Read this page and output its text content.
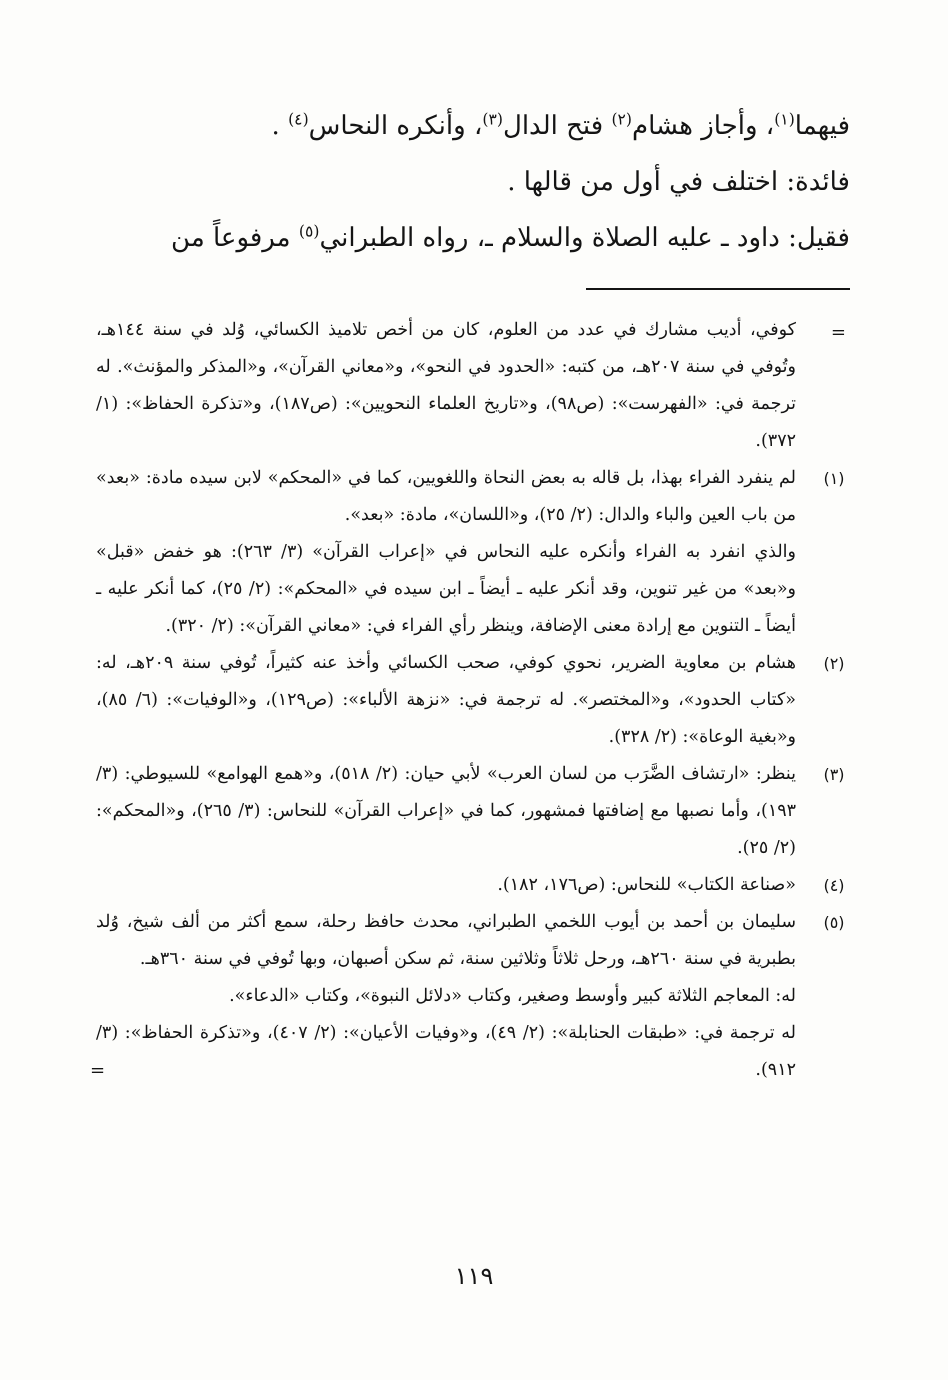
فيهما$^{(١)}$، وأجاز هشام$^{(٢)}$ فتح الدال$^{(٣)}$، وأنكره النحاس$^{(٤)}$ .
فائدة: اختلف في أول من قالها .
فقيل: داود ـ عليه الصلاة والسلام ـ، رواه الطبراني$^{(٥)}$ مرفوعاً من
=

كوفي، أديب مشارك في عدد من العلوم، كان من أخص تلاميذ الكسائي، وُلد في سنة ١٤٤هـ، وتُوفي في سنة ٢٠٧هـ، من كتبه: «الحدود في النحو»، و«معاني القرآن»، و«المذكر والمؤنث». له ترجمة في: «الفهرست»: (ص٩٨)، و«تاريخ العلماء النحويين»: (ص١٨٧)، و«تذكرة الحفاظ»: (١/ ٣٧٢).

(١)

لم ينفرد الفراء بهذا، بل قاله به بعض النحاة واللغويين، كما في «المحكم» لابن سيده مادة: «بعد» من باب العين والباء والدال: (٢/ ٢٥)، و«اللسان»، مادة: «بعد».

والذي انفرد به الفراء وأنكره عليه النحاس في «إعراب القرآن» (٣/ ٢٦٣): هو خفض «قبل» و«بعد» من غير تنوين، وقد أنكر عليه ـ أيضاً ـ ابن سيده في «المحكم»: (٢/ ٢٥)، كما أنكر عليه ـ أيضاً ـ التنوين مع إرادة معنى الإضافة، وينظر رأي الفراء في: «معاني القرآن»: (٢/ ٣٢٠).

(٢)

هشام بن معاوية الضرير، نحوي كوفي، صحب الكسائي وأخذ عنه كثيراً، تُوفي سنة ٢٠٩هـ، له: «كتاب الحدود»، و«المختصر». له ترجمة في: «نزهة الألباء»: (ص١٢٩)، و«الوفيات»: (٦/ ٨٥)، و«بغية الوعاة»: (٢/ ٣٢٨).

(٣)

ينظر: «ارتشاف الضَّرَب من لسان العرب» لأبي حيان: (٢/ ٥١٨)، و«همع الهوامع» للسيوطي: (٣/ ١٩٣)، وأما نصبها مع إضافتها فمشهور، كما في «إعراب القرآن» للنحاس: (٣/ ٢٦٥)، و«المحكم»: (٢/ ٢٥).

(٤)

«صناعة الكتاب» للنحاس: (ص١٧٦، ١٨٢).

(٥)

سليمان بن أحمد بن أيوب اللخمي الطبراني، محدث حافظ رحلة، سمع أكثر من ألف شيخ، وُلد بطبرية في سنة ٢٦٠هـ، ورحل ثلاثاً وثلاثين سنة، ثم سكن أصبهان، وبها تُوفي في سنة ٣٦٠هـ.

له: المعاجم الثلاثة كبير وأوسط وصغير، وكتاب «دلائل النبوة»، وكتاب «الدعاء».

له ترجمة في: «طبقات الحنابلة»: (٢/ ٤٩)، و«وفيات الأعيان»: (٢/ ٤٠٧)، و«تذكرة الحفاظ»: (٣/ ٩١٢).

=
١١٩
